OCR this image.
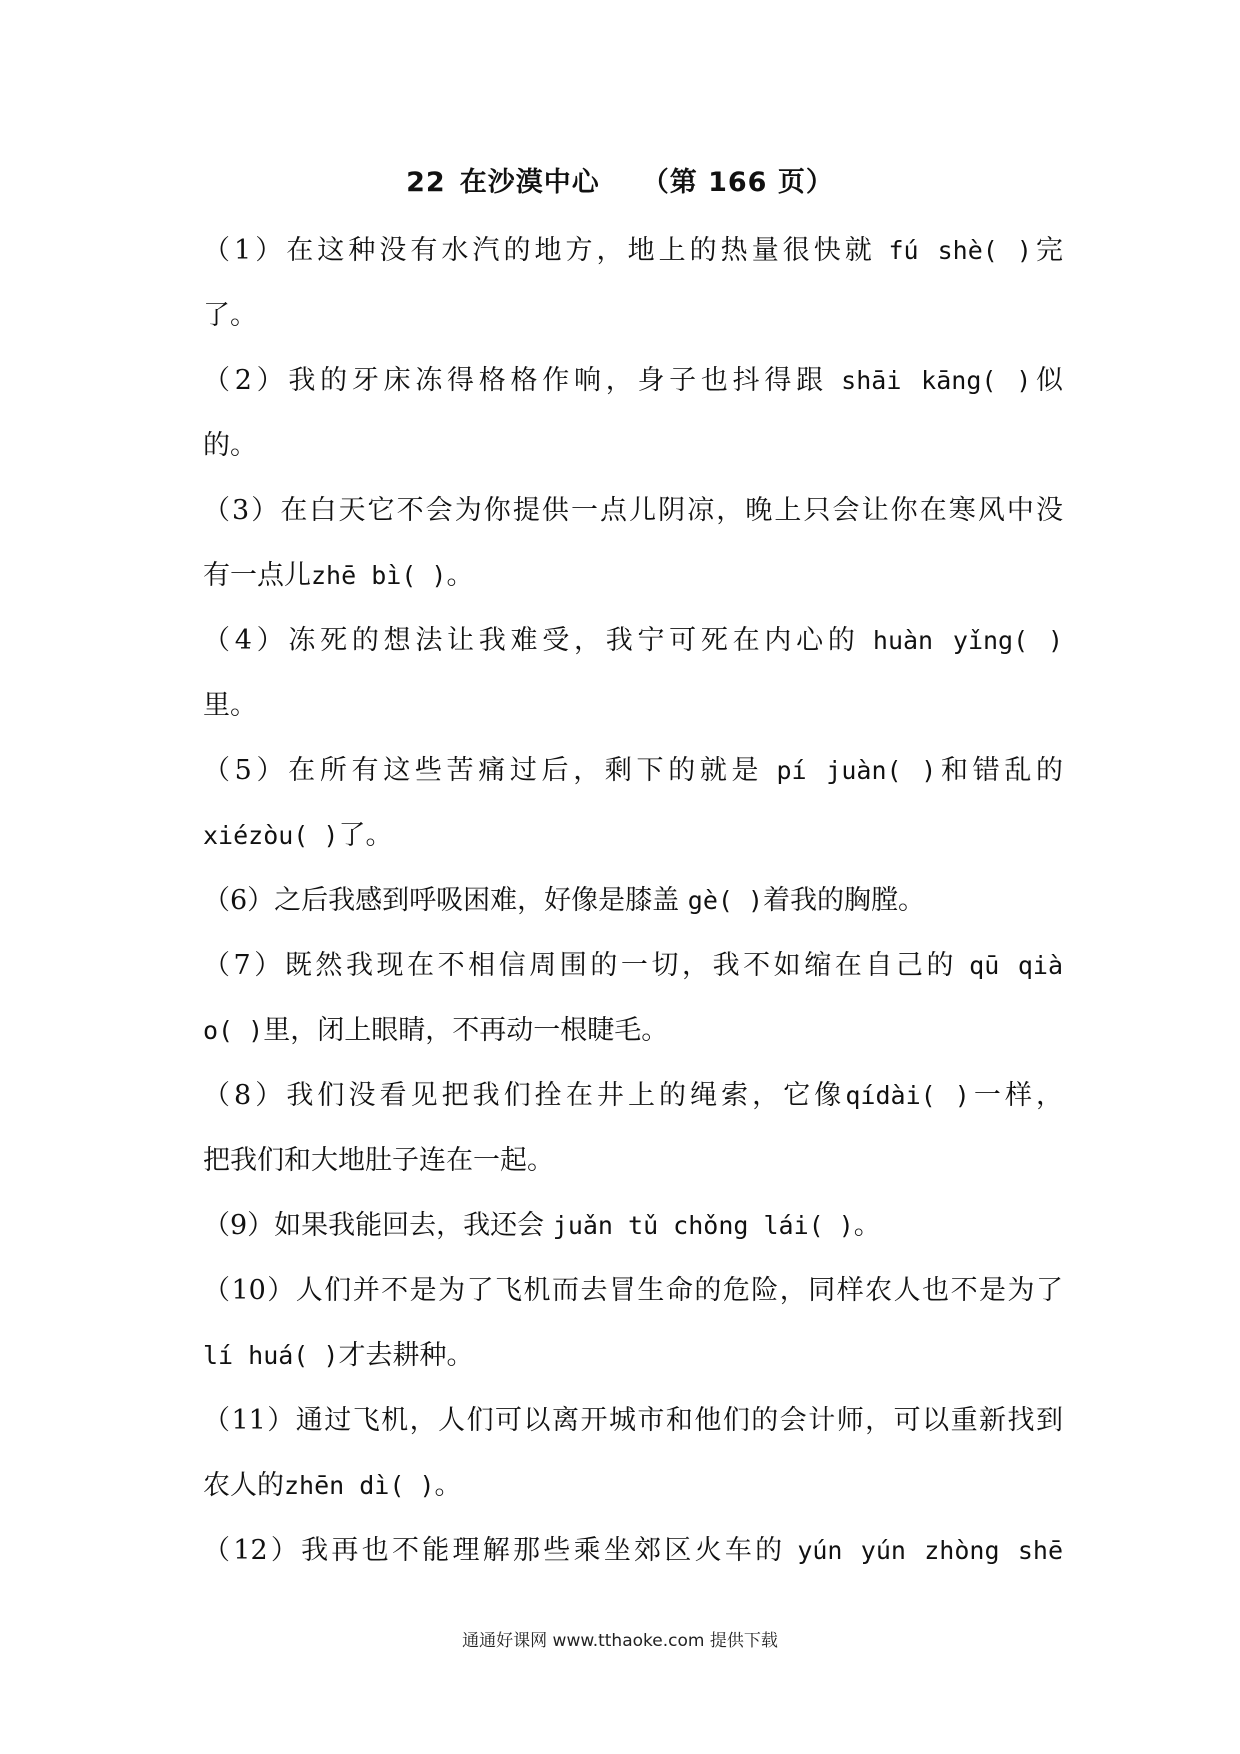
22 在沙漠中心 （第 166 页）
（1）在这种没有水汽的地方，地上的热量很快就 fú shè( )完
了。
（2）我的牙床冻得格格作响，身子也抖得跟 shāi kāng( )似
的。
（3）在白天它不会为你提供一点儿阴凉，晚上只会让你在寒风中没
有一点儿zhē bì( )。
（4）冻死的想法让我难受，我宁可死在内心的 huàn yǐng( )
里。
（5）在所有这些苦痛过后，剩下的就是 pí juàn( )和错乱的
xiézòu( )了。
（6）之后我感到呼吸困难，好像是膝盖 gè( )着我的胸膛。
（7）既然我现在不相信周围的一切，我不如缩在自己的 qū qià
o( )里，闭上眼睛，不再动一根睫毛。
（8）我们没看见把我们拴在井上的绳索，它像qídài( )一样，
把我们和大地肚子连在一起。
（9）如果我能回去，我还会 juǎn tǔ chǒng lái( )。
（10）人们并不是为了飞机而去冒生命的危险，同样农人也不是为了
lí huá( )才去耕种。
（11）通过飞机，人们可以离开城市和他们的会计师，可以重新找到
农人的zhēn dì( )。
（12）我再也不能理解那些乘坐郊区火车的 yún yún zhòng shē
通通好课网 www.tthaoke.com 提供下载
